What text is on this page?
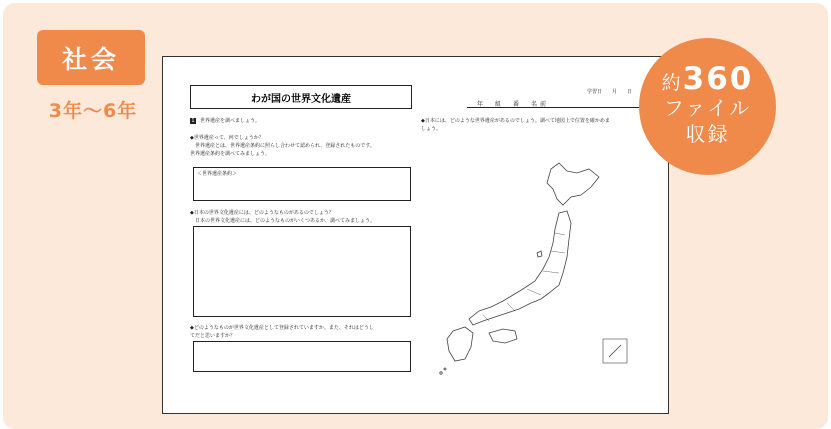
社会
3年〜6年
わが国の世界文化遺産
学習日　　月　　日
年　組　番　名前
1 世界遺産を調べましょう。
◆世界遺産って、何でしょうか？
　世界遺産とは、世界遺産条約に照らし合わせて認められ、登録されたものです。
世界遺産条約を調べてみましょう。
＜世界遺産条約＞
◆日本の世界文化遺産には、どのようなものがあるのでしょう？
　日本の世界文化遺産には、どのようなものがいくつあるか、調べてみましょう。
◆どのようなものが世界文化遺産として登録されていますか。また、それはどうし
てだと思いますか？
◆日本には、どのような世界遺産があるのでしょう。調べて地図上で位置を確かめま
しょう。
約 360
ファイル
収録
